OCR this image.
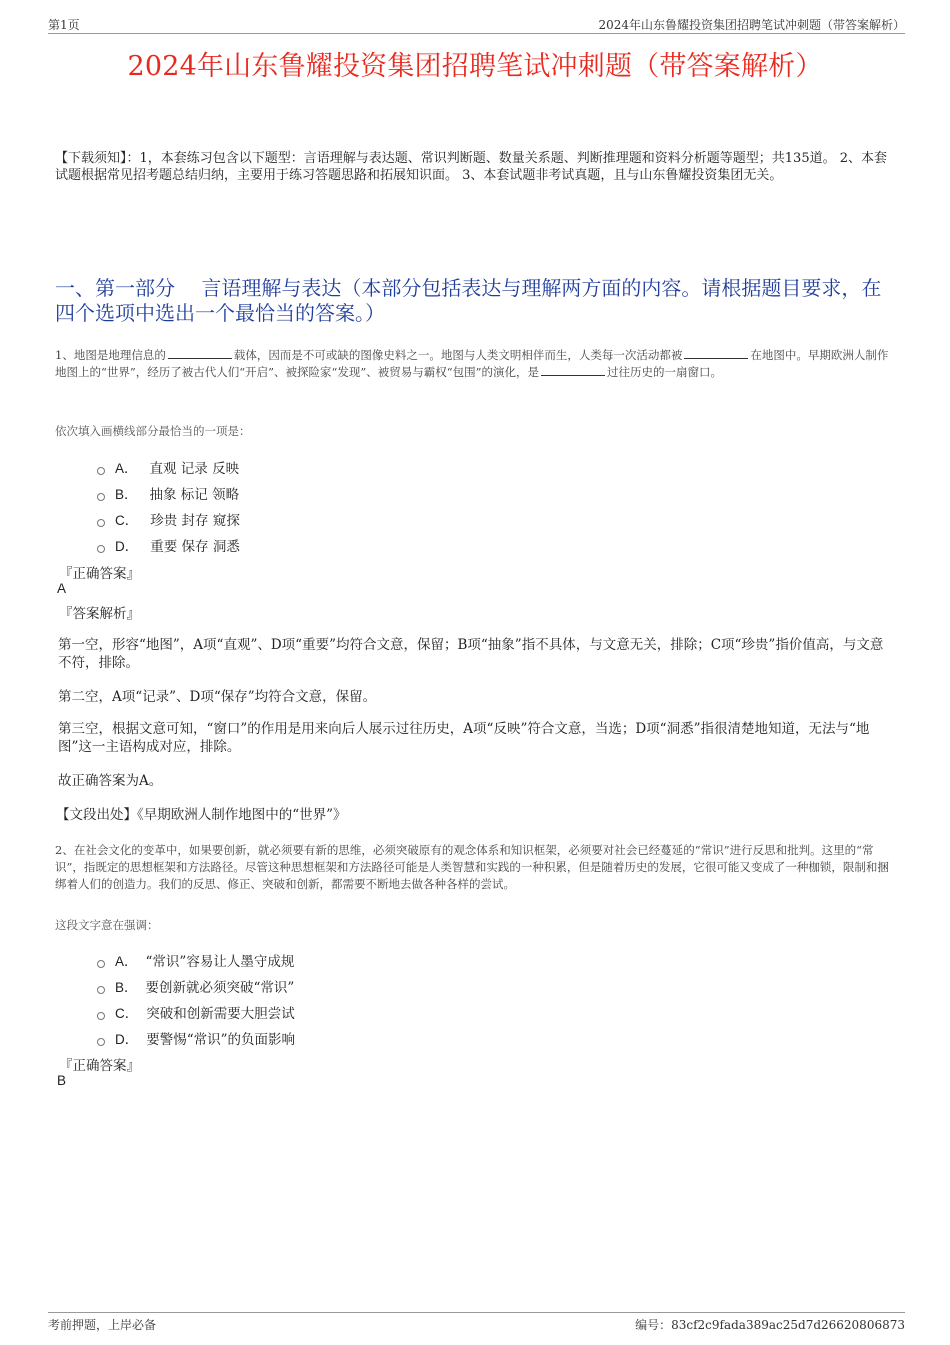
第1页	2024年山东鲁耀投资集团招聘笔试冲刺题（带答案解析）
2024年山东鲁耀投资集团招聘笔试冲刺题（带答案解析）
【下载须知】：1，本套练习包含以下题型：言语理解与表达题、常识判断题、数量关系题、判断推理题和资料分析题等题型；共135道。 2、本套试题根据常见招考题总结归纳，主要用于练习答题思路和拓展知识面。 3、本套试题非考试真题，且与山东鲁耀投资集团无关。
一、第一部分　 言语理解与表达（本部分包括表达与理解两方面的内容。请根据题目要求，在四个选项中选出一个最恰当的答案。）
1、地图是地理信息的	载体，因而是不可或缺的图像史料之一。地图与人类文明相伴而生，人类每一次活动都被	在地图中。早期欧洲人制作地图上的“世界”，经历了被古代人们“开启”、被探险家“发现”、被贸易与霸权“包围”的演化，是	过往历史的一扇窗口。
依次填入画横线部分最恰当的一项是：
A． 直观 记录 反映
B． 抽象 标记 领略
C． 珍贵 封存 窥探
D． 重要 保存 洞悉
『正确答案』
A
『答案解析』
第一空，形容“地图”，A项“直观”、D项“重要”均符合文意，保留；B项“抽象”指不具体，与文意无关，排除；C项“珍贵”指价值高，与文意不符，排除。
第二空，A项“记录”、D项“保存”均符合文意，保留。
第三空，根据文意可知，“窗口”的作用是用来向后人展示过往历史，A项“反映”符合文意，当选；D项“洞悉”指很清楚地知道，无法与“地图”这一主语构成对应，排除。
故正确答案为A。
【文段出处】《早期欧洲人制作地图中的“世界”》
2、在社会文化的变革中，如果要创新，就必须要有新的思维，必须突破原有的观念体系和知识框架，必须要对社会已经蔓延的“常识”进行反思和批判。这里的“常识”，指既定的思想框架和方法路径。尽管这种思想框架和方法路径可能是人类智慧和实践的一种积累，但是随着历史的发展，它很可能又变成了一种枷锁，限制和捆绑着人们的创造力。我们的反思、修正、突破和创新，都需要不断地去做各种各样的尝试。
这段文字意在强调：
A． “常识”容易让人墨守成规
B． 要创新就必须突破“常识”
C． 突破和创新需要大胆尝试
D． 要警惕“常识”的负面影响
『正确答案』
B
考前押题，上岸必备	编号：83cf2c9fada389ac25d7d26620806873
